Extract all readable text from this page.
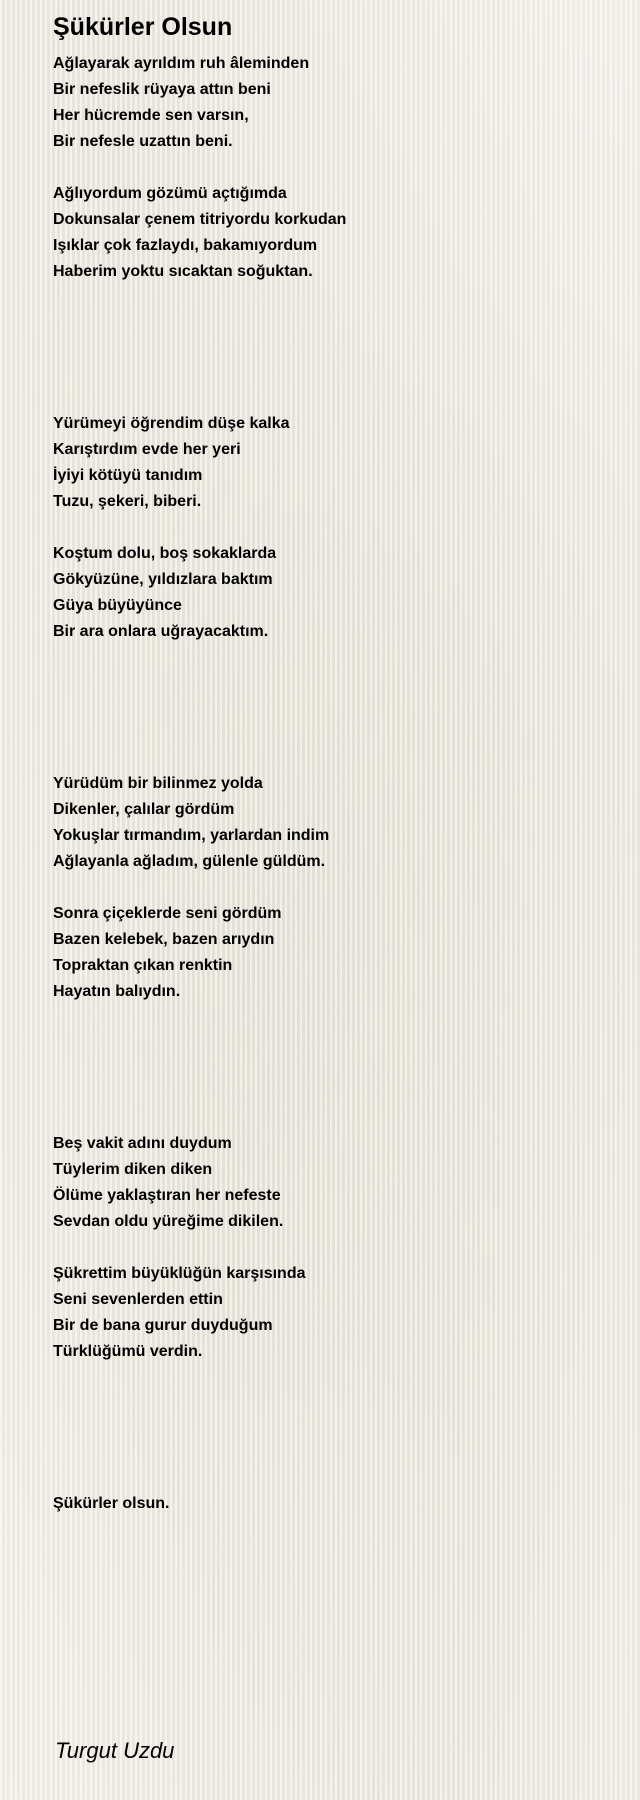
Şükürler Olsun
Ağlayarak ayrıldım ruh âleminden
Bir nefeslik rüyaya attın beni
Her hücremde sen varsın,
Bir nefesle uzattın beni.
Ağlıyordum gözümü açtığımda
Dokunsalar çenem titriyordu korkudan
Işıklar çok fazlaydı, bakamıyordum
Haberim yoktu sıcaktan soğuktan.
Yürümeyi öğrendim düşe kalka
Karıştırdım evde her yeri
İyiyi kötüyü tanıdım
Tuzu, şekeri, biberi.
Koştum dolu, boş sokaklarda
Gökyüzüne, yıldızlara baktım
Güya büyüyünce
Bir ara onlara uğrayacaktım.
Yürüdüm bir bilinmez yolda
Dikenler, çalılar gördüm
Yokuşlar tırmandım, yarlardan indim
Ağlayanla ağladım, gülenle güldüm.
Sonra çiçeklerde seni gördüm
Bazen kelebek, bazen arıydın
Topraktan çıkan renktin
Hayatın balıydın.
Beş vakit adını duydum
Tüylerim diken diken
Ölüme yaklaştıran her nefeste
Sevdan oldu yüreğime dikilen.
Şükrettim büyüklüğün karşısında
Seni sevenlerden ettin
Bir de bana gurur duyduğum
Türklüğümü verdin.
Şükürler olsun.
Turgut Uzdu
